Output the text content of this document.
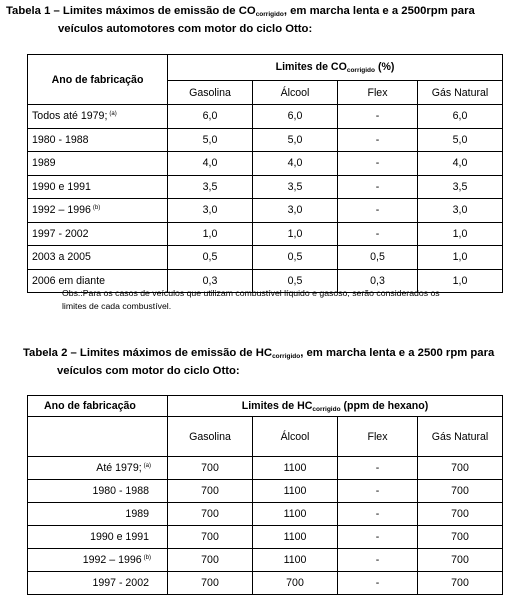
Tabela 1 – Limites máximos de emissão de $CO_{corrigido}$, em marcha lenta e a 2500rpm para
veículos automotores com motor do ciclo Otto:
Ano de fabricação	Limites de COcorrigido (%)			
	Gasolina	Álcool	Flex	Gás Natural
Todos até 1979; $^{(a)}$	6,0	6,0	-	6,0
1980 - 1988	5,0	5,0	-	5,0
1989	4,0	4,0	-	4,0
1990 e 1991	3,5	3,5	-	3,5
1992 – 1996 $^{(b)}$	3,0	3,0	-	3,0
1997 - 2002	1,0	1,0	-	1,0
2003 a 2005	0,5	0,5	0,5	1,0
2006 em diante	0,3	0,5	0,3	1,0
Obs.:Para os casos de veículos que utilizam combustível líquido e gasoso, serão considerados os
limites de cada combustível.
Tabela 2 – Limites máximos de emissão de $HC_{corrigido}$, em marcha lenta e a 2500 rpm para
veículos com motor do ciclo Otto:
Ano de fabricação	Limites de HCcorrigido (ppm de hexano)			
	Gasolina	Álcool	Flex	Gás Natural
Até 1979; $^{(a)}$	700	1100	-	700
1980 - 1988	700	1100	-	700
1989	700	1100	-	700
1990 e 1991	700	1100	-	700
1992 – 1996 $^{(b)}$	700	1100	-	700
1997 - 2002	700	700	-	700
